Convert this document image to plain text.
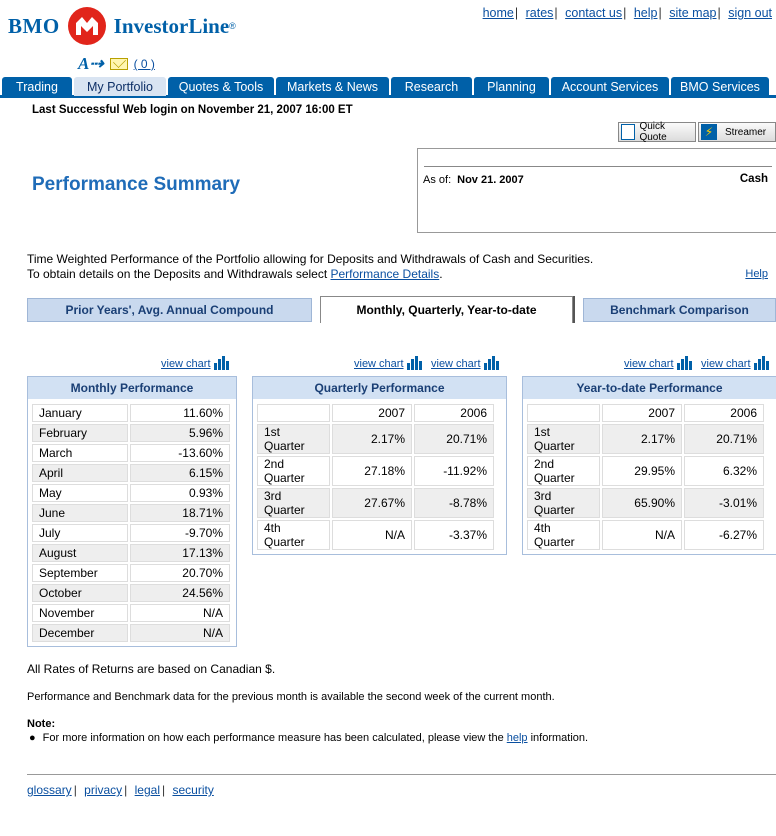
BMO	InvestorLine ®
home| rates| contact us| help| site map| sign out
A⇢	( 0 )
Trading	My Portfolio	Quotes & Tools	Markets & News	Research	Planning	Account Services	BMO Services
Last Successful Web login on November 21, 2007 16:00 ET
Quick Quote	⚡	Streamer
Performance Summary	As of: Nov 21. 2007	Cash
Time Weighted Performance of the Portfolio allowing for Deposits and Withdrawals of Cash and Securities.
To obtain details on the Deposits and Withdrawals select Performance Details.	Help
Prior Years', Avg. Annual Compound	Monthly, Quarterly, Year-to-date	Benchmark Comparison
view chart	view chart view chart	view chart view chart
Monthly Performance
January	11.60%
February	5.96%
March	-13.60%
April	6.15%
May	0.93%
June	18.71%
July	-9.70%
August	17.13%
September	20.70%
October	24.56%
November	N/A
December	N/A
Quarterly Performance
	2007	2006
1st Quarter	2.17%	20.71%
2nd Quarter	27.18%	-11.92%
3rd Quarter	27.67%	-8.78%
4th Quarter	N/A	-3.37%
Year-to-date Performance
	2007	2006
1st Quarter	2.17%	20.71%
2nd Quarter	29.95%	6.32%
3rd Quarter	65.90%	-3.01%
4th Quarter	N/A	-6.27%
All Rates of Returns are based on Canadian $.
Performance and Benchmark data for the previous month is available the second week of the current month.
Note:
● For more information on how each performance measure has been calculated, please view the help information.
glossary | privacy | legal | security
